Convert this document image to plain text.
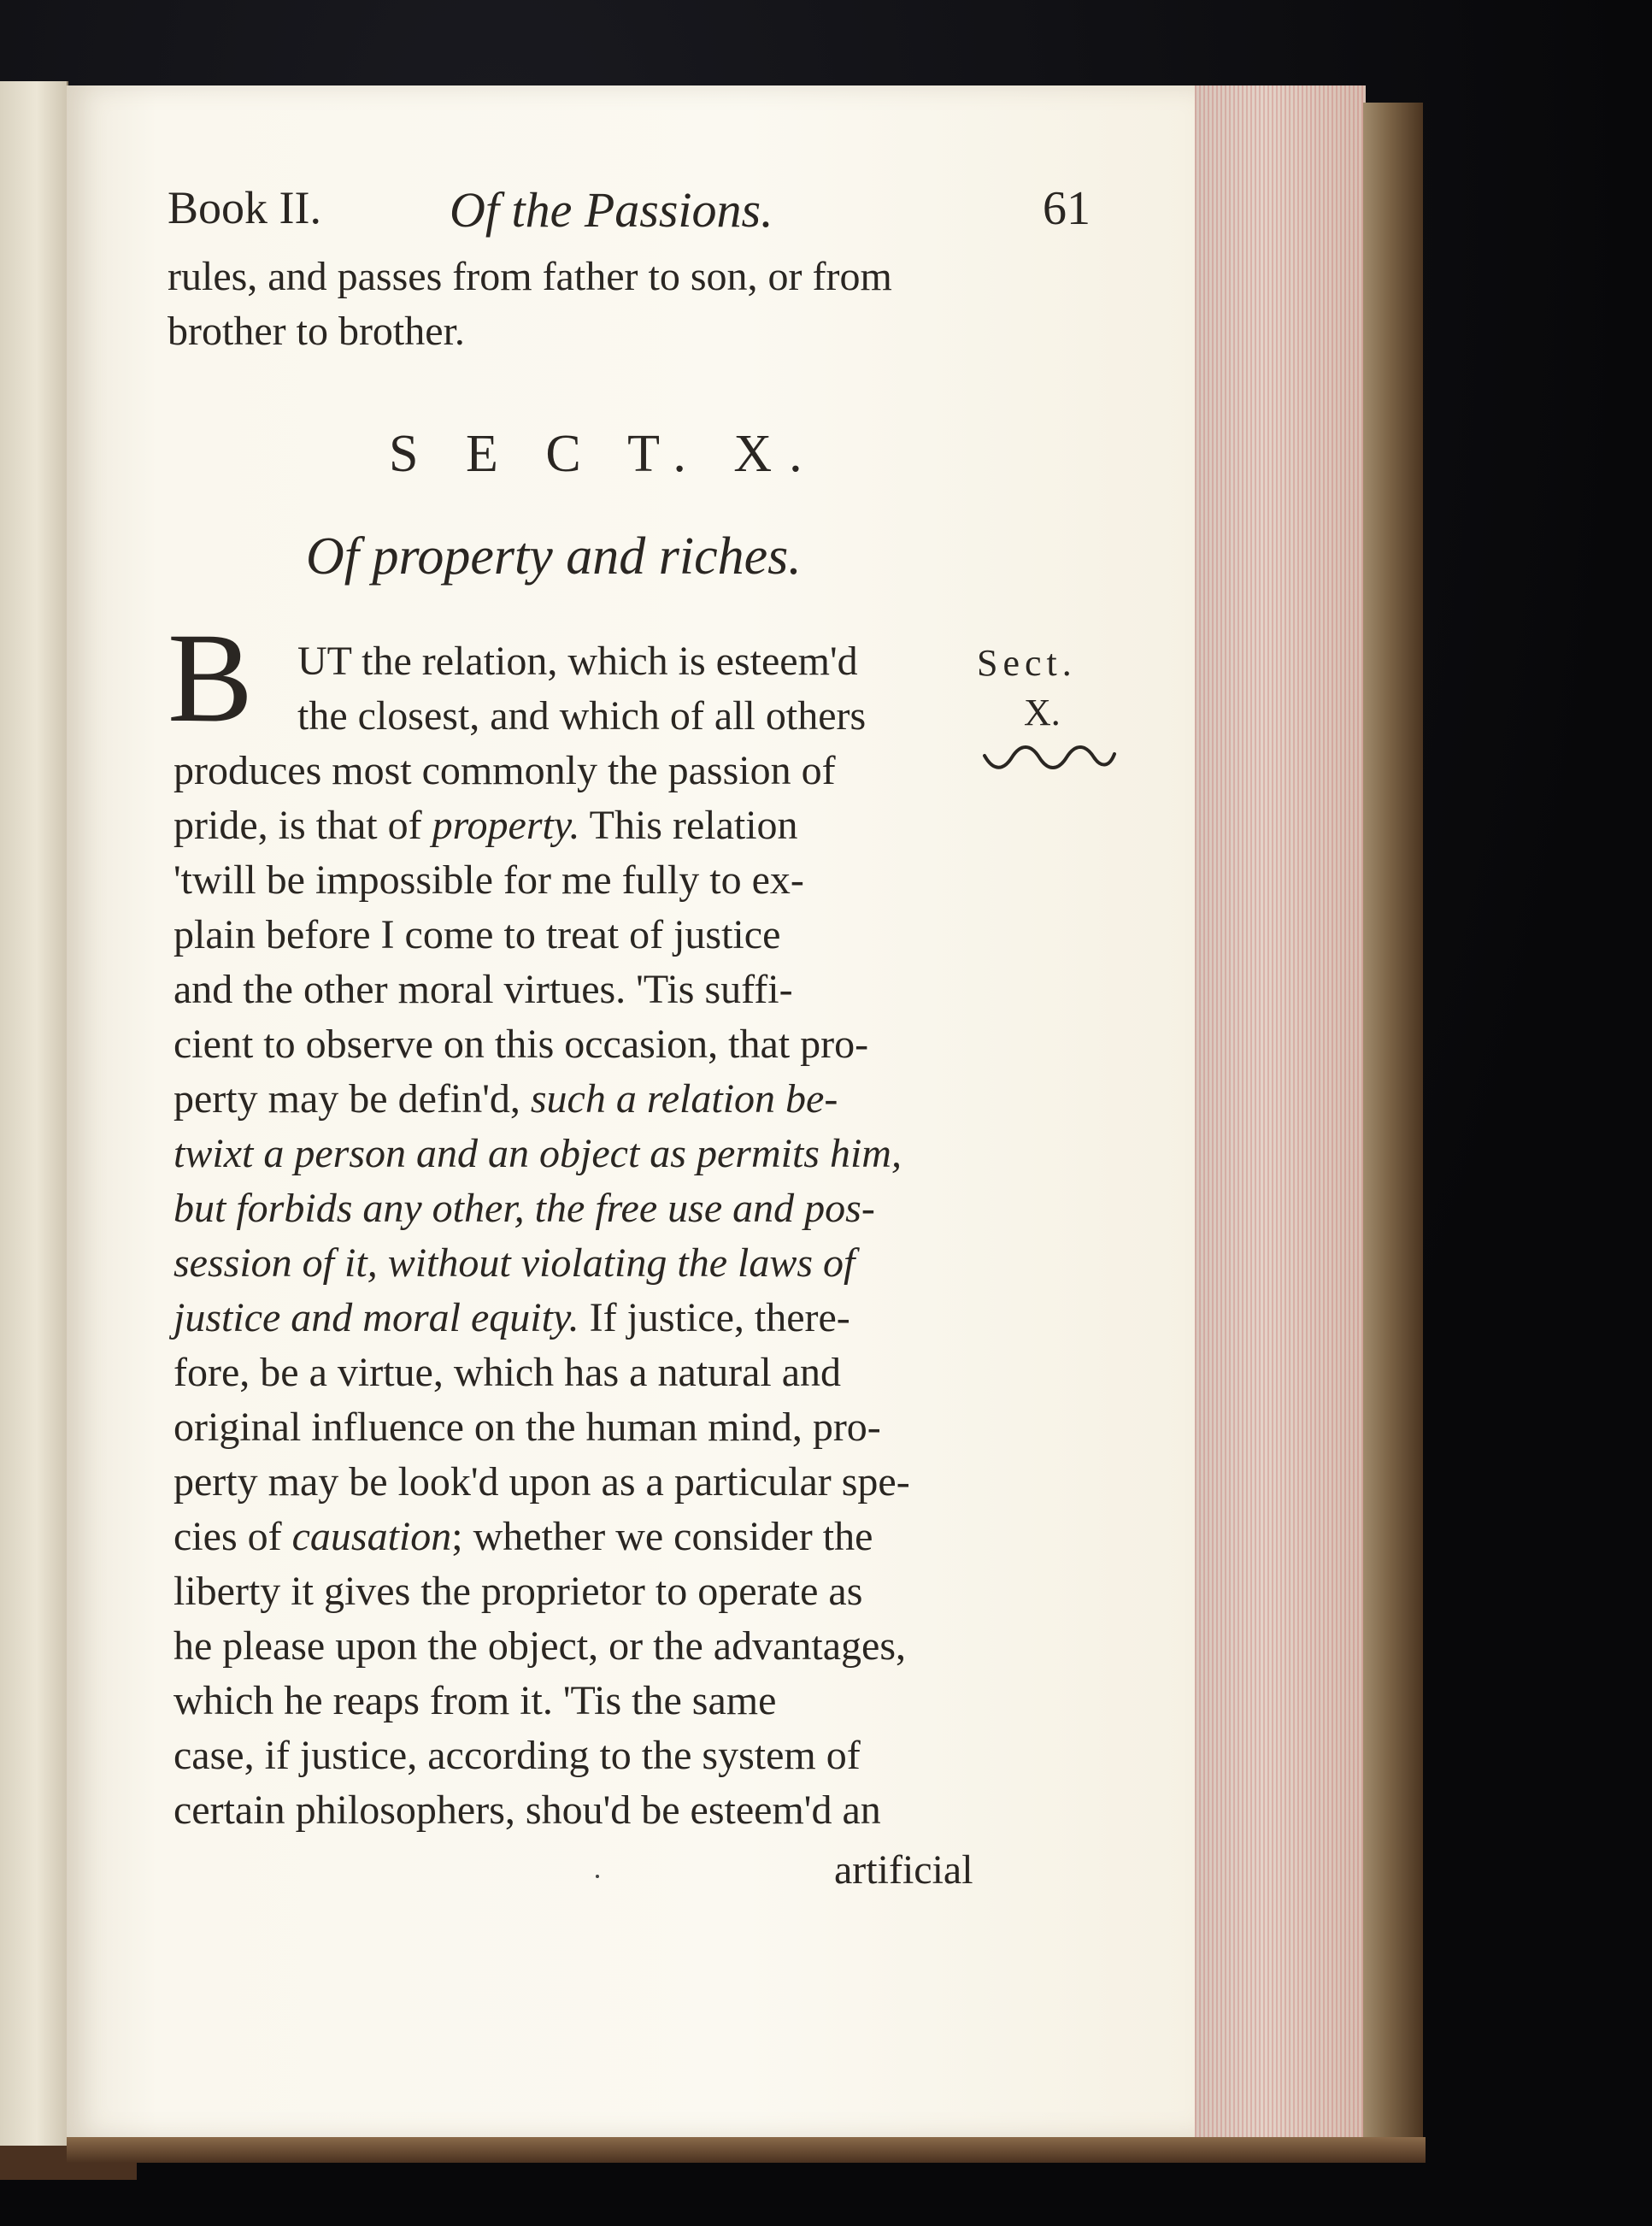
Book II.	Of the Passions.	61
rules, and passes from father to son, or from
brother to brother.
S E C T. X.
Of property and riches.
B UT the relation, which is esteem'd
the closest, and which of all others
produces most commonly the passion of
pride, is that of property. This relation
'twill be impossible for me fully to ex-
plain before I come to treat of justice
and the other moral virtues. 'Tis suffi-
cient to observe on this occasion, that pro-
perty may be defin'd, such a relation be-
twixt a person and an object as permits him,
but forbids any other, the free use and pos-
session of it, without violating the laws of
justice and moral equity. If justice, there-
fore, be a virtue, which has a natural and
original influence on the human mind, pro-
perty may be look'd upon as a particular spe-
cies of causation; whether we consider the
liberty it gives the proprietor to operate as
he please upon the object, or the advantages,
which he reaps from it. 'Tis the same
case, if justice, according to the system of
certain philosophers, shou'd be esteem'd an
Sect.
X.
artificial
